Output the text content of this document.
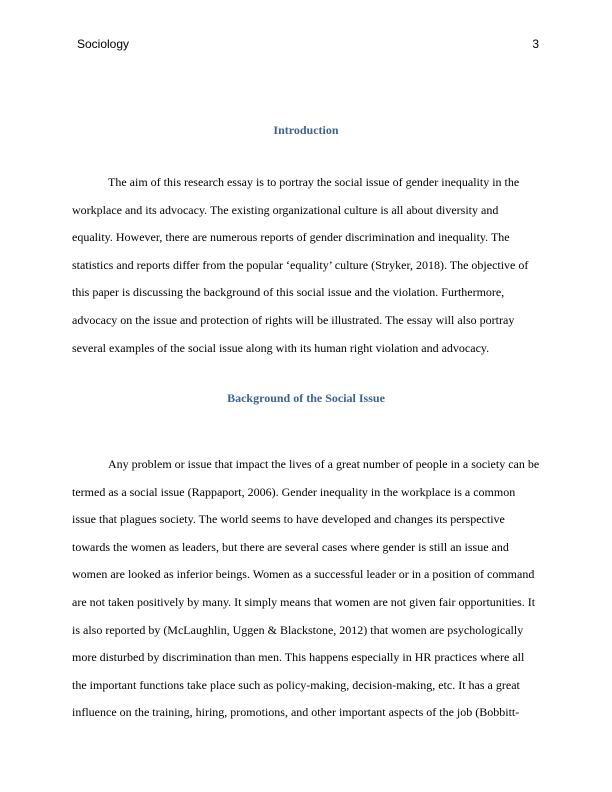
Sociology	3
Introduction

The aim of this research essay is to portray the social issue of gender inequality in the
workplace and its advocacy. The existing organizational culture is all about diversity and
equality. However, there are numerous reports of gender discrimination and inequality. The
statistics and reports differ from the popular ‘equality’ culture (Stryker, 2018). The objective of
this paper is discussing the background of this social issue and the violation. Furthermore,
advocacy on the issue and protection of rights will be illustrated. The essay will also portray
several examples of the social issue along with its human right violation and advocacy.

Background of the Social Issue

Any problem or issue that impact the lives of a great number of people in a society can be
termed as a social issue (Rappaport, 2006). Gender inequality in the workplace is a common
issue that plagues society. The world seems to have developed and changes its perspective
towards the women as leaders, but there are several cases where gender is still an issue and
women are looked as inferior beings. Women as a successful leader or in a position of command
are not taken positively by many. It simply means that women are not given fair opportunities. It
is also reported by (McLaughlin, Uggen & Blackstone, 2012) that women are psychologically
more disturbed by discrimination than men. This happens especially in HR practices where all
the important functions take place such as policy-making, decision-making, etc. It has a great
influence on the training, hiring, promotions, and other important aspects of the job (Bobbitt-
